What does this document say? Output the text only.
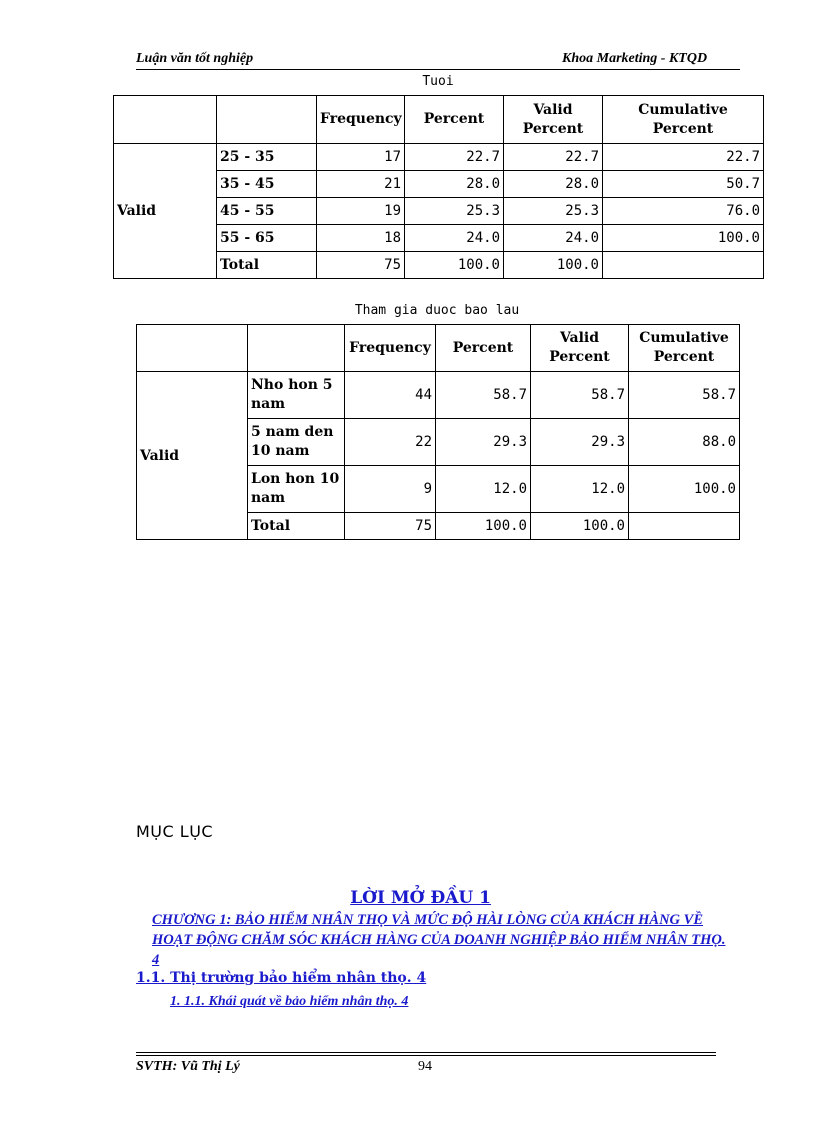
Luận văn tốt nghiệp	Khoa Marketing - KTQD
Tuoi
		Frequency	Percent	Valid Percent	Cumulative Percent
Valid	25 - 35	17	22.7	22.7	22.7
	35 - 45	21	28.0	28.0	50.7
	45 - 55	19	25.3	25.3	76.0
	55 - 65	18	24.0	24.0	100.0
	Total	75	100.0	100.0	
Tham gia duoc bao lau
		Frequency	Percent	Valid Percent	Cumulative Percent
Valid	Nho hon 5 nam	44	58.7	58.7	58.7
	5 nam den 10 nam	22	29.3	29.3	88.0
	Lon hon 10 nam	9	12.0	12.0	100.0
	Total	75	100.0	100.0	
MỤC LỤC
LỜI MỞ ĐẦU 1
CHƯƠNG 1: BẢO HIỂM NHÂN THỌ VÀ MỨC ĐỘ HÀI LÒNG CỦA KHÁCH HÀNG VỀ HOẠT ĐỘNG CHĂM SÓC KHÁCH HÀNG CỦA DOANH NGHIỆP BẢO HIỂM NHÂN THỌ. 4
1.1. Thị trường bảo hiểm nhân thọ. 4
1. 1.1. Khái quát về bảo hiểm nhân thọ. 4
SVTH: Vũ Thị Lý	94
